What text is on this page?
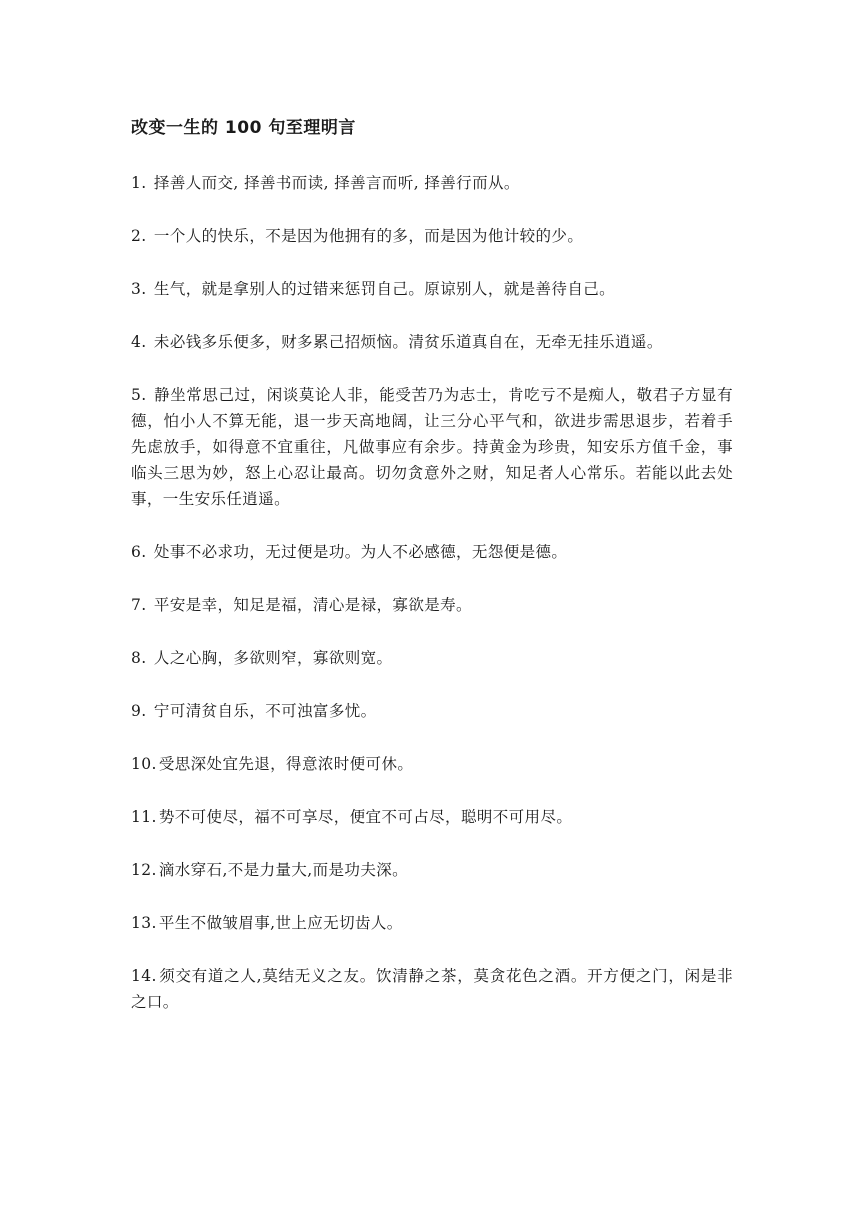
改变一生的 100 句至理明言
1. 择善人而交, 择善书而读, 择善言而听, 择善行而从。
2. 一个人的快乐，不是因为他拥有的多，而是因为他计较的少。
3. 生气，就是拿别人的过错来惩罚自己。原谅别人，就是善待自己。
4. 未必钱多乐便多，财多累己招烦恼。清贫乐道真自在，无牵无挂乐逍遥。
5. 静坐常思己过，闲谈莫论人非，能受苦乃为志士，肯吃亏不是痴人，敬君子方显有德，怕小人不算无能，退一步天高地阔，让三分心平气和，欲进步需思退步，若着手先虑放手，如得意不宜重往，凡做事应有余步。持黄金为珍贵，知安乐方值千金，事临头三思为妙，怒上心忍让最高。切勿贪意外之财，知足者人心常乐。若能以此去处事，一生安乐任逍遥。
6. 处事不必求功，无过便是功。为人不必感德，无怨便是德。
7. 平安是幸，知足是福，清心是禄，寡欲是寿。
8. 人之心胸，多欲则窄，寡欲则宽。
9. 宁可清贫自乐，不可浊富多忧。
10. 受思深处宜先退，得意浓时便可休。
11. 势不可使尽，福不可享尽，便宜不可占尽，聪明不可用尽。
12. 滴水穿石,不是力量大,而是功夫深。
13. 平生不做皱眉事,世上应无切齿人。
14. 须交有道之人,莫结无义之友。饮清静之茶，莫贪花色之酒。开方便之门，闲是非之口。
